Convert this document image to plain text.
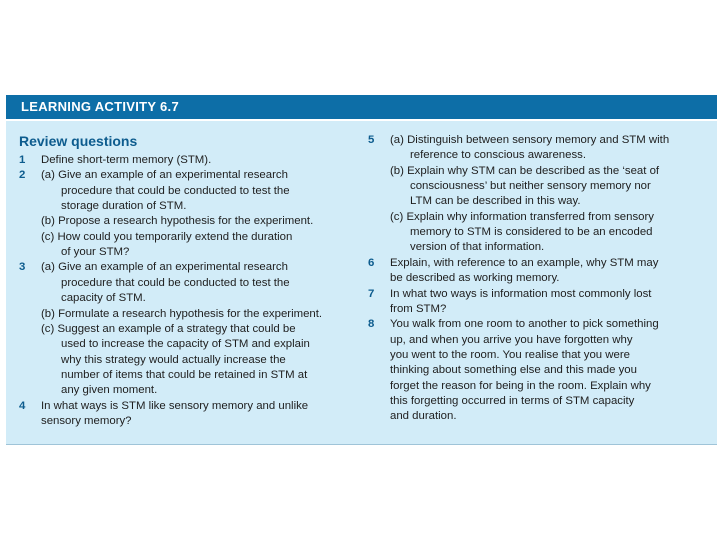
LEARNING ACTIVITY 6.7
Review questions
1 Define short-term memory (STM).
2 (a) Give an example of an experimental research
procedure that could be conducted to test the
storage duration of STM.
(b) Propose a research hypothesis for the experiment.
(c) How could you temporarily extend the duration
of your STM?
3 (a) Give an example of an experimental research
procedure that could be conducted to test the
capacity of STM.
(b) Formulate a research hypothesis for the experiment.
(c) Suggest an example of a strategy that could be
used to increase the capacity of STM and explain
why this strategy would actually increase the
number of items that could be retained in STM at
any given moment.
4 In what ways is STM like sensory memory and unlike
sensory memory?
5 (a) Distinguish between sensory memory and STM with
reference to conscious awareness.
(b) Explain why STM can be described as the ‘seat of
consciousness’ but neither sensory memory nor
LTM can be described in this way.
(c) Explain why information transferred from sensory
memory to STM is considered to be an encoded
version of that information.
6 Explain, with reference to an example, why STM may
be described as working memory.
7 In what two ways is information most commonly lost
from STM?
8 You walk from one room to another to pick something
up, and when you arrive you have forgotten why
you went to the room. You realise that you were
thinking about something else and this made you
forget the reason for being in the room. Explain why
this forgetting occurred in terms of STM capacity
and duration.
